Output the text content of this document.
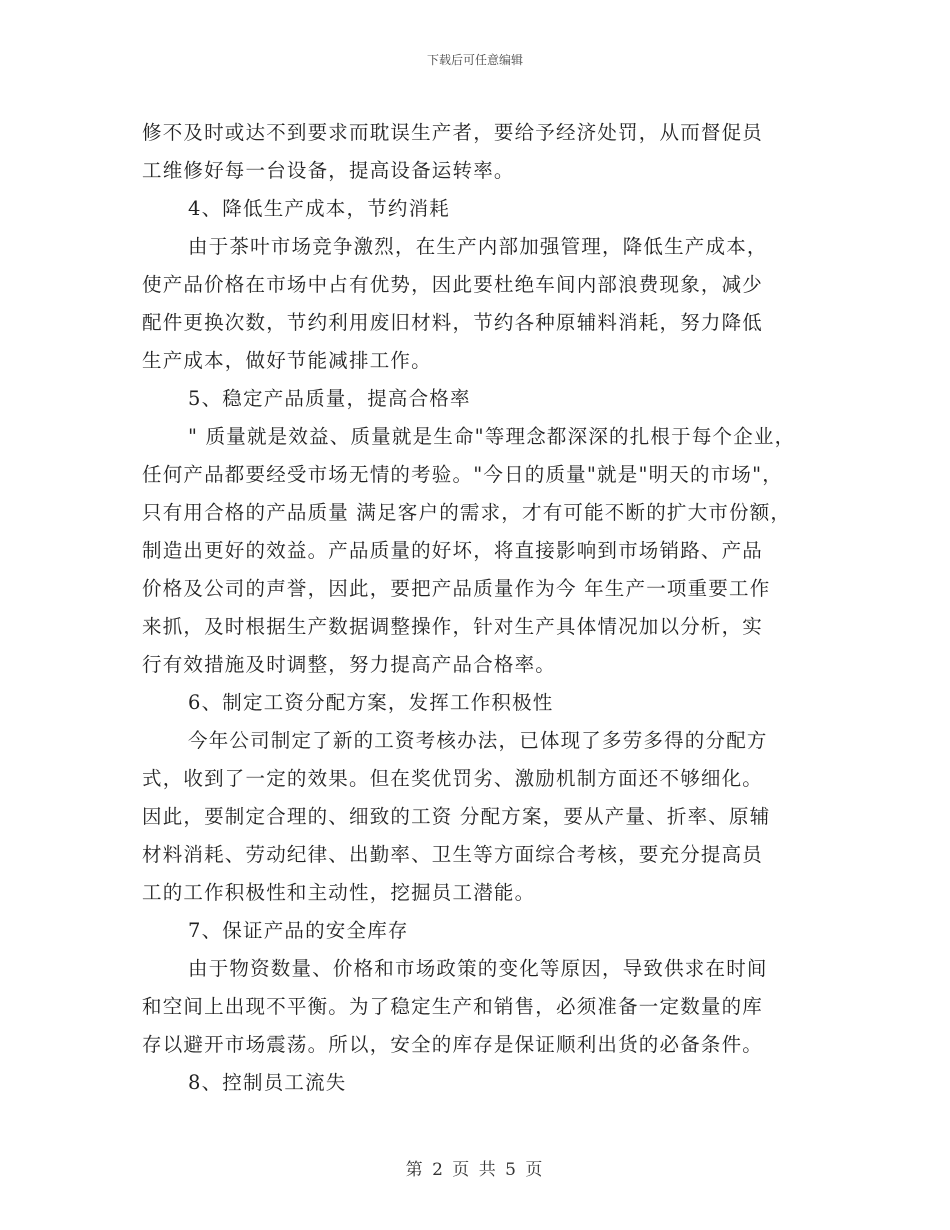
下载后可任意编辑
修不及时或达不到要求而耽误生产者，要给予经济处罚，从而督促员
工维修好每一台设备，提高设备运转率。
4、降低生产成本，节约消耗
由于茶叶市场竞争激烈，在生产内部加强管理，降低生产成本，
使产品价格在市场中占有优势，因此要杜绝车间内部浪费现象，减少
配件更换次数，节约利用废旧材料，节约各种原辅料消耗，努力降低
生产成本，做好节能减排工作。
5、稳定产品质量，提高合格率
" 质量就是效益、质量就是生命"等理念都深深的扎根于每个企业，
任何产品都要经受市场无情的考验。"今日的质量"就是"明天的市场"，
只有用合格的产品质量 满足客户的需求，才有可能不断的扩大市份额，
制造出更好的效益。产品质量的好坏，将直接影响到市场销路、产品
价格及公司的声誉，因此，要把产品质量作为今 年生产一项重要工作
来抓，及时根据生产数据调整操作，针对生产具体情况加以分析，实
行有效措施及时调整，努力提高产品合格率。
6、制定工资分配方案，发挥工作积极性
今年公司制定了新的工资考核办法，已体现了多劳多得的分配方
式，收到了一定的效果。但在奖优罚劣、激励机制方面还不够细化。
因此，要制定合理的、细致的工资 分配方案，要从产量、折率、原辅
材料消耗、劳动纪律、出勤率、卫生等方面综合考核，要充分提高员
工的工作积极性和主动性，挖掘员工潜能。
7、保证产品的安全库存
由于物资数量、价格和市场政策的变化等原因，导致供求在时间
和空间上出现不平衡。为了稳定生产和销售，必须准备一定数量的库
存以避开市场震荡。所以，安全的库存是保证顺利出货的必备条件。
8、控制员工流失
第 2 页 共 5 页
